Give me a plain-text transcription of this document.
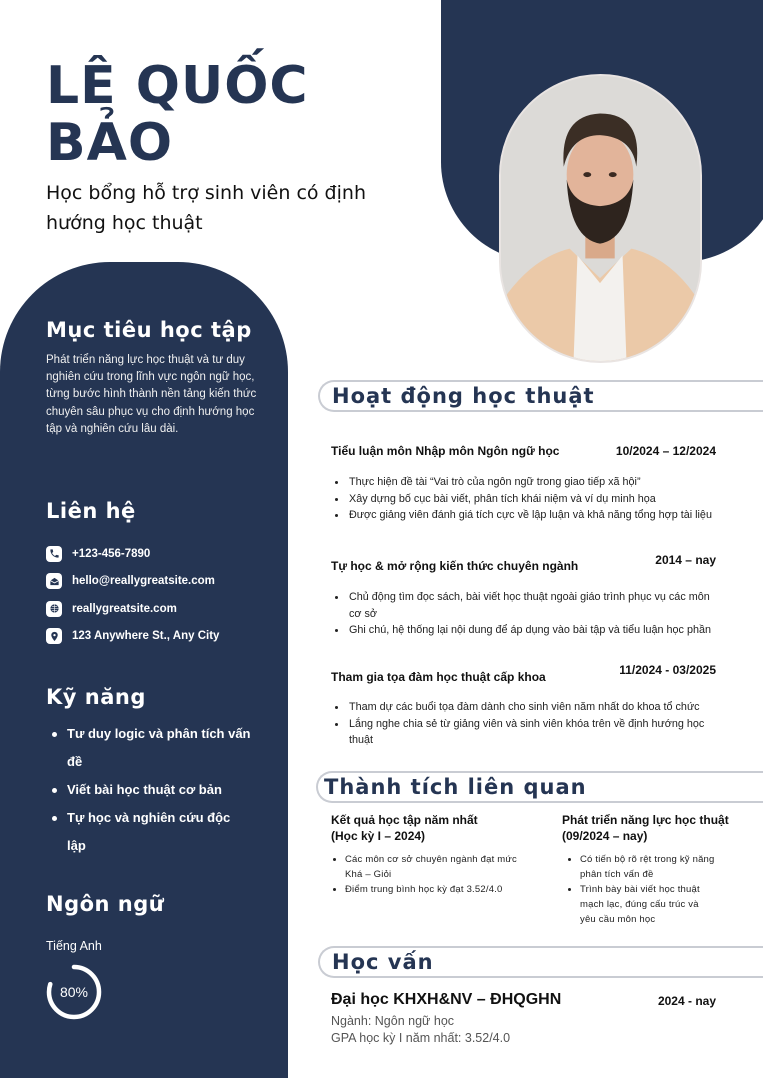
LÊ QUỐC
BẢO
Học bổng hỗ trợ sinh viên có định hướng học thuật
Mục tiêu học tập
Phát triển năng lực học thuật và tư duy nghiên cứu trong lĩnh vực ngôn ngữ học, từng bước hình thành nền tảng kiến thức chuyên sâu phục vụ cho định hướng học tập và nghiên cứu lâu dài.
Liên hệ
+123-456-7890
hello@reallygreatsite.com
reallygreatsite.com
123 Anywhere St., Any City
Kỹ năng
Tư duy logic và phân tích vấn đề
Viết bài học thuật cơ bản
Tự học và nghiên cứu độc lập
Ngôn ngữ
Tiếng Anh
80%
Hoạt động học thuật
Tiểu luận môn Nhập môn Ngôn ngữ học	10/2024 – 12/2024
Thực hiện đề tài “Vai trò của ngôn ngữ trong giao tiếp xã hội”
Xây dựng bố cục bài viết, phân tích khái niệm và ví dụ minh họa
Được giảng viên đánh giá tích cực về lập luận và khả năng tổng hợp tài liệu
Tự học & mở rộng kiến thức chuyên ngành	2014 – nay
Chủ động tìm đọc sách, bài viết học thuật ngoài giáo trình phục vụ các môn cơ sở
Ghi chú, hệ thống lại nội dung để áp dụng vào bài tập và tiểu luận học phần
Tham gia tọa đàm học thuật cấp khoa	11/2024 - 03/2025
Tham dự các buổi tọa đàm dành cho sinh viên năm nhất do khoa tổ chức
Lắng nghe chia sẻ từ giảng viên và sinh viên khóa trên về định hướng học thuật
Thành tích liên quan
Kết quả học tập năm nhất
(Học kỳ I – 2024)
Các môn cơ sở chuyên ngành đạt mức Khá – Giỏi
Điểm trung bình học kỳ đạt 3.52/4.0
Phát triển năng lực học thuật
(09/2024 – nay)
Có tiến bộ rõ rệt trong kỹ năng phân tích vấn đề
Trình bày bài viết học thuật mạch lạc, đúng cấu trúc và yêu cầu môn học
Học vấn
Đại học KHXH&NV – ĐHQGHN	2024 - nay
Ngành: Ngôn ngữ học
GPA học kỳ I năm nhất: 3.52/4.0
